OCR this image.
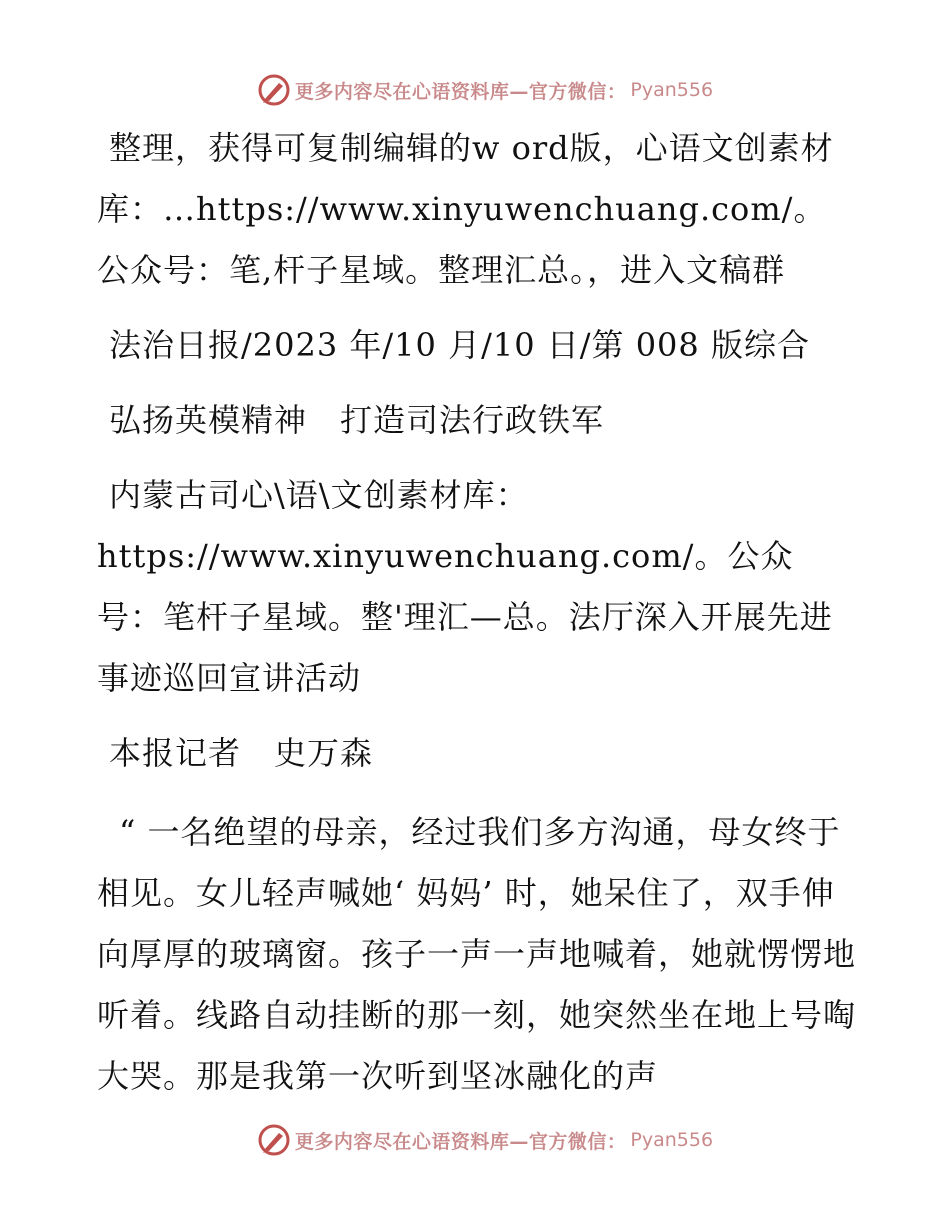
更多内容尽在心语资料库—官方微信： Pyan556

整理，获得可复制编辑的w ord版，心语文创素材库：…https://www.xinyuwenchuang.com/。公众号：笔,杆子星域。整理汇总。，进入文稿群

法治日报/2023 年/10 月/10 日/第 008 版综合

弘扬英模精神　打造司法行政铁军

内蒙古司心\语\文创素材库：https://www.xinyuwenchuang.com/。公众号：笔杆子星域。整'理汇—总。法厅深入开展先进事迹巡回宣讲活动

本报记者　史万森

“ 一名绝望的母亲，经过我们多方沟通，母女终于相见。女儿轻声喊她‘ 妈妈’ 时，她呆住了，双手伸向厚厚的玻璃窗。孩子一声一声地喊着，她就愣愣地听着。线路自动挂断的那一刻，她突然坐在地上号啕大哭。那是我第一次听到坚冰融化的声

更多内容尽在心语资料库—官方微信： Pyan556
